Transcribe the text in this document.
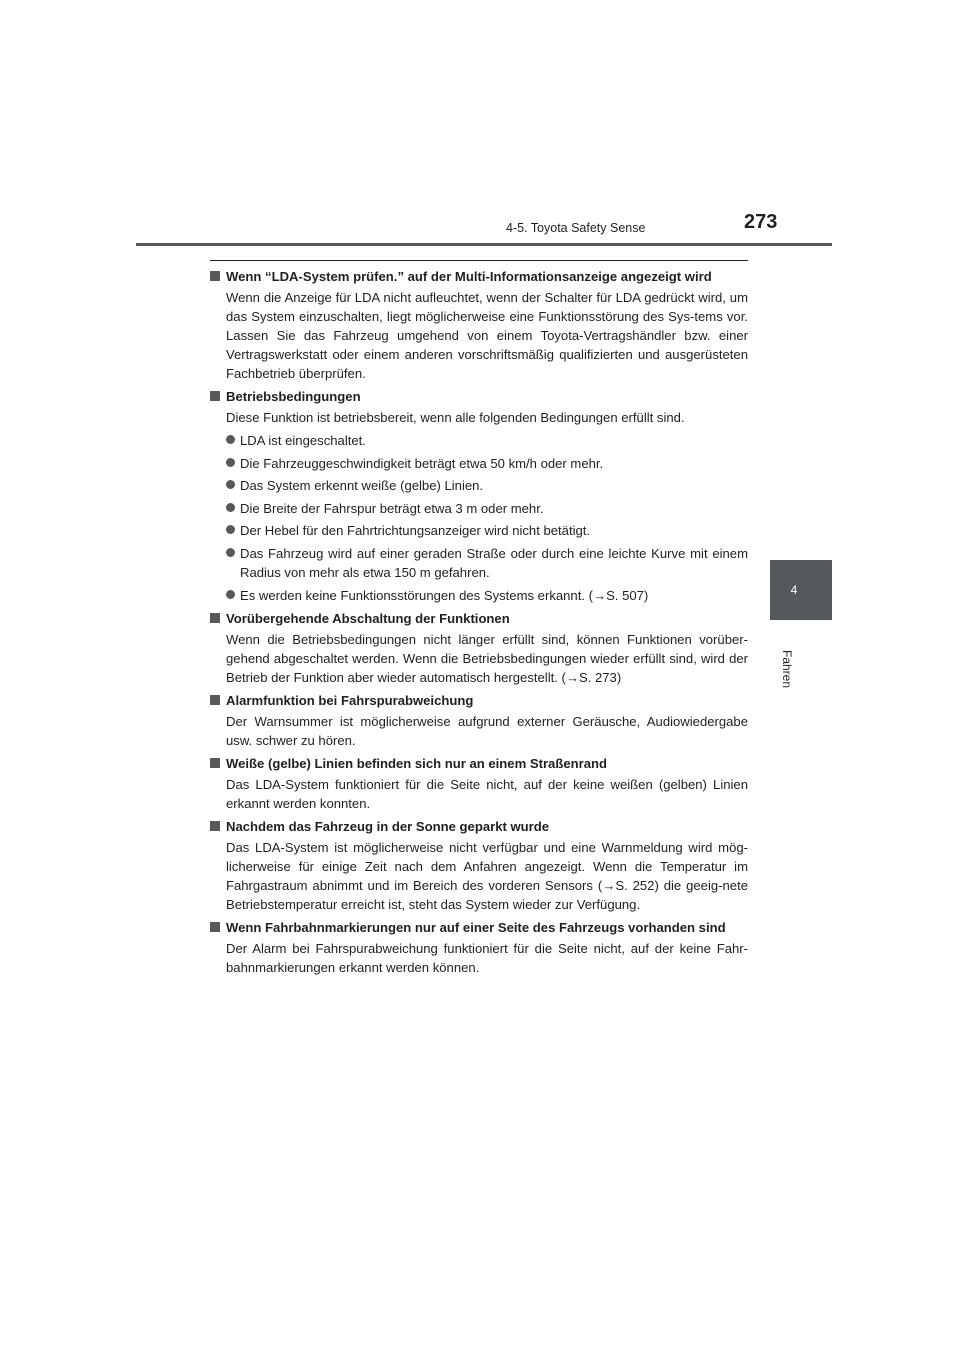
4-5. Toyota Safety Sense	273
4
Fahren
Wenn “LDA-System prüfen.” auf der Multi-Informationsanzeige angezeigt wird
Wenn die Anzeige für LDA nicht aufleuchtet, wenn der Schalter für LDA gedrückt wird, um das System einzuschalten, liegt möglicherweise eine Funktionsstörung des Sys-tems vor. Lassen Sie das Fahrzeug umgehend von einem Toyota-Vertragshändler bzw. einer Vertragswerkstatt oder einem anderen vorschriftsmäßig qualifizierten und ausgerüsteten Fachbetrieb überprüfen.
Betriebsbedingungen
Diese Funktion ist betriebsbereit, wenn alle folgenden Bedingungen erfüllt sind.
LDA ist eingeschaltet.
Die Fahrzeuggeschwindigkeit beträgt etwa 50 km/h oder mehr.
Das System erkennt weiße (gelbe) Linien.
Die Breite der Fahrspur beträgt etwa 3 m oder mehr.
Der Hebel für den Fahrtrichtungsanzeiger wird nicht betätigt.
Das Fahrzeug wird auf einer geraden Straße oder durch eine leichte Kurve mit einem Radius von mehr als etwa 150 m gefahren.
Es werden keine Funktionsstörungen des Systems erkannt. (→S. 507)
Vorübergehende Abschaltung der Funktionen
Wenn die Betriebsbedingungen nicht länger erfüllt sind, können Funktionen vorüber-gehend abgeschaltet werden. Wenn die Betriebsbedingungen wieder erfüllt sind, wird der Betrieb der Funktion aber wieder automatisch hergestellt. (→S. 273)
Alarmfunktion bei Fahrspurabweichung
Der Warnsummer ist möglicherweise aufgrund externer Geräusche, Audiowiedergabe usw. schwer zu hören.
Weiße (gelbe) Linien befinden sich nur an einem Straßenrand
Das LDA-System funktioniert für die Seite nicht, auf der keine weißen (gelben) Linien erkannt werden konnten.
Nachdem das Fahrzeug in der Sonne geparkt wurde
Das LDA-System ist möglicherweise nicht verfügbar und eine Warnmeldung wird mög-licherweise für einige Zeit nach dem Anfahren angezeigt. Wenn die Temperatur im Fahrgastraum abnimmt und im Bereich des vorderen Sensors (→S. 252) die geeig-nete Betriebstemperatur erreicht ist, steht das System wieder zur Verfügung.
Wenn Fahrbahnmarkierungen nur auf einer Seite des Fahrzeugs vorhanden sind
Der Alarm bei Fahrspurabweichung funktioniert für die Seite nicht, auf der keine Fahr-bahnmarkierungen erkannt werden können.
